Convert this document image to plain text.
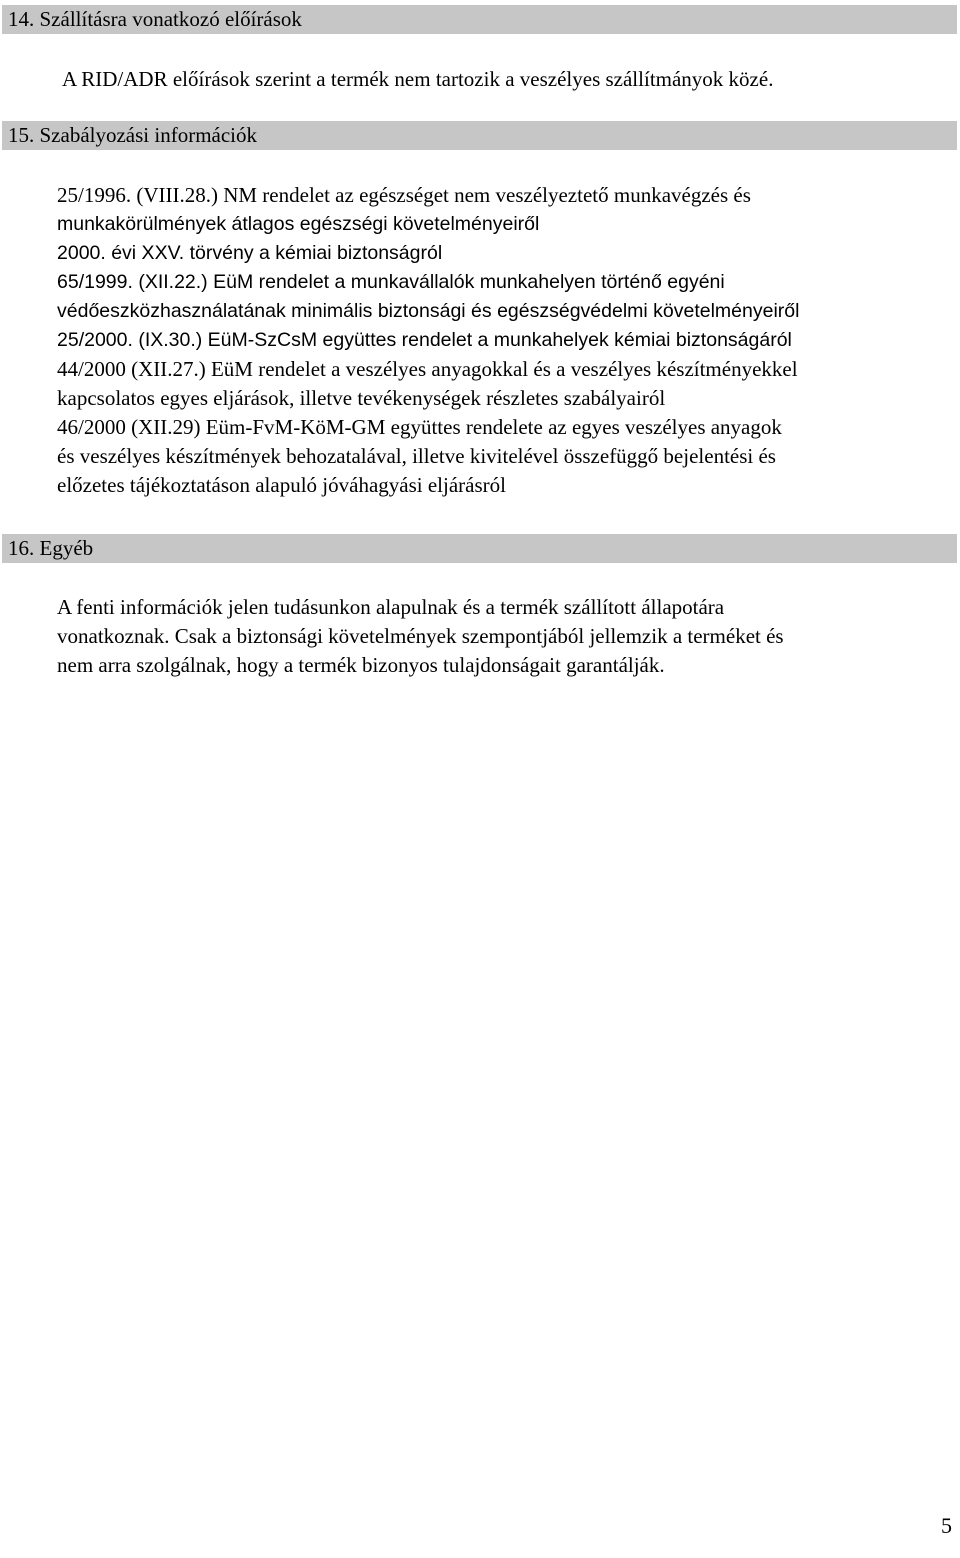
14. Szállításra vonatkozó előírások
A RID/ADR előírások szerint a termék nem tartozik a veszélyes szállítmányok közé.
15. Szabályozási információk
25/1996. (VIII.28.) NM rendelet az egészséget nem veszélyeztető munkavégzés és
munkakörülmények átlagos egészségi követelményeiről
2000. évi XXV. törvény a kémiai biztonságról
65/1999. (XII.22.) EüM rendelet a munkavállalók munkahelyen történő egyéni
védőeszközhasználatának minimális biztonsági és egészségvédelmi követelményeiről
25/2000. (IX.30.) EüM-SzCsM együttes rendelet a munkahelyek kémiai biztonságáról
44/2000 (XII.27.) EüM rendelet a veszélyes anyagokkal és a veszélyes készítményekkel
kapcsolatos egyes eljárások, illetve tevékenységek részletes szabályairól
46/2000 (XII.29) Eüm-FvM-KöM-GM együttes rendelete az egyes veszélyes anyagok
és veszélyes készítmények behozatalával, illetve kivitelével összefüggő bejelentési és
előzetes tájékoztatáson alapuló jóváhagyási eljárásról
16. Egyéb
A fenti információk jelen tudásunkon alapulnak és a termék szállított állapotára
vonatkoznak. Csak a biztonsági követelmények szempontjából jellemzik a terméket és
nem arra szolgálnak, hogy a termék bizonyos tulajdonságait garantálják.
5
